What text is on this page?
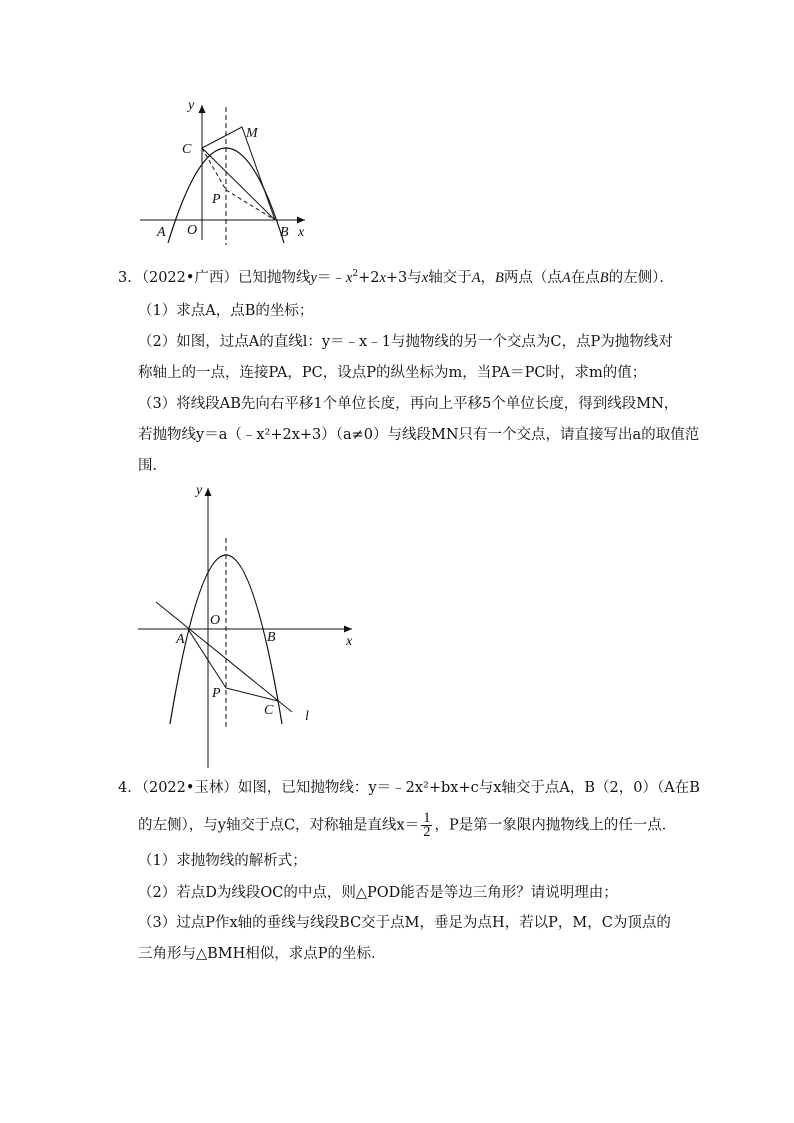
y
x
C
M
P
A O	B
3．（2022•广西）已知抛物线$y=﹣x^2+2x+3$与x轴交于A，B两点（点A在点B的左侧）．
（1）求点A，点B的坐标；
（2）如图，过点A的直线l：y＝﹣x﹣1与抛物线的另一个交点为C，点P为抛物线对
称轴上的一点，连接PA，PC，设点P的纵坐标为m，当PA＝PC时，求m的值；
（3）将线段AB先向右平移1个单位长度，再向上平移5个单位长度，得到线段MN，
若抛物线y＝a（﹣x²+2x+3）（a≠0）与线段MN只有一个交点，请直接写出a的取值范
围．
y
x
O
A	B
P
C l
4．（2022•玉林）如图，已知抛物线：y＝﹣2x²+bx+c与x轴交于点A，B（2，0）（A在B
的左侧），与y轴交于点C，对称轴是直线$x= \frac{1}{2}$ ，P是第一象限内抛物线上的任一点．
（1）求抛物线的解析式；
（2）若点D为线段OC的中点，则△POD能否是等边三角形？请说明理由；
（3）过点P作x轴的垂线与线段BC交于点M，垂足为点H，若以P，M，C为顶点的
三角形与△BMH相似，求点P的坐标．
